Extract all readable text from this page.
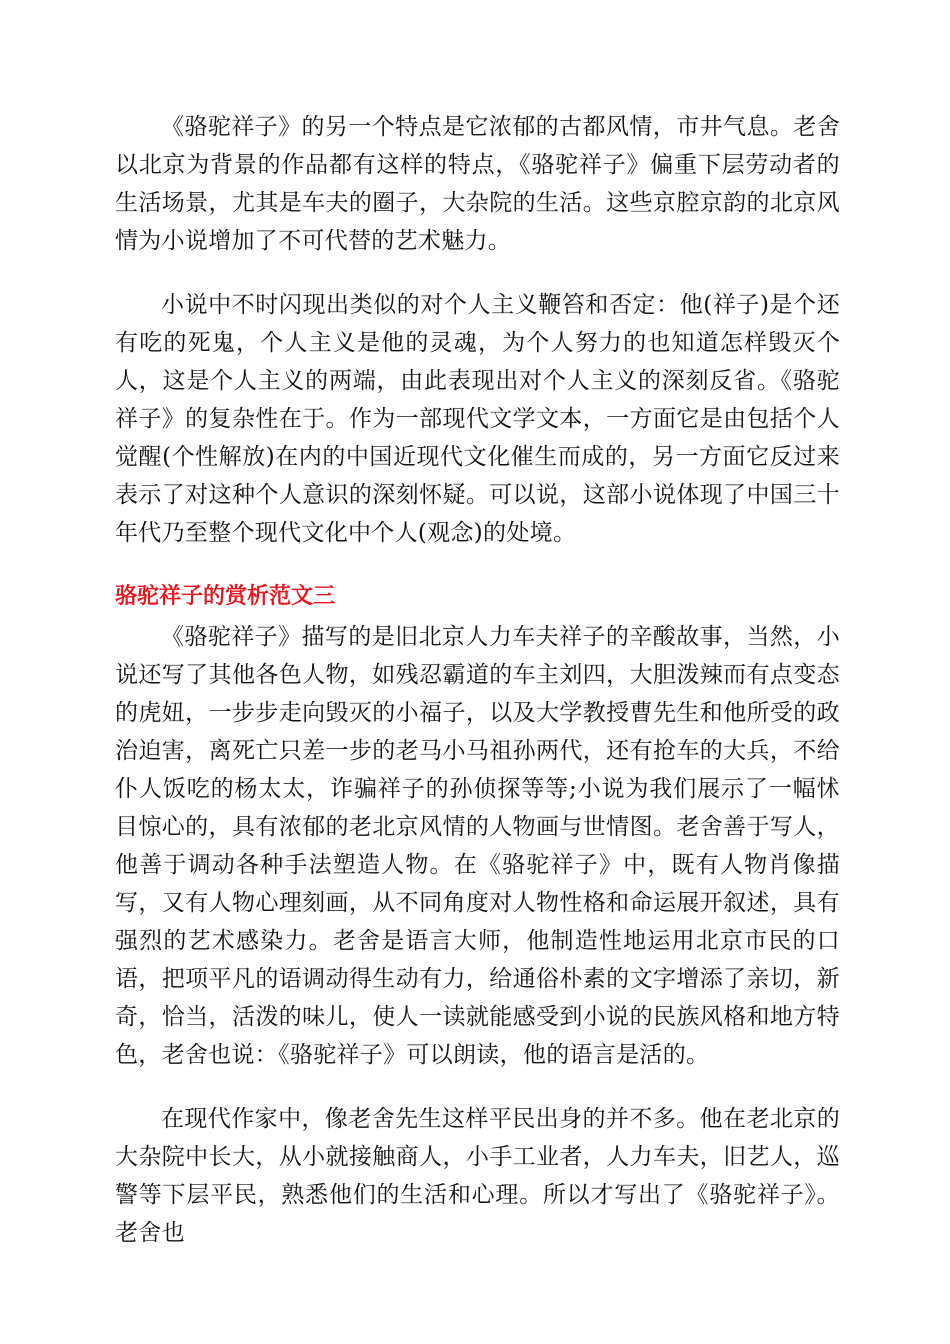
《骆驼祥子》的另一个特点是它浓郁的古都风情，市井气息。老舍以北京为背景的作品都有这样的特点，《骆驼祥子》偏重下层劳动者的生活场景，尤其是车夫的圈子，大杂院的生活。这些京腔京韵的北京风情为小说增加了不可代替的艺术魅力。

小说中不时闪现出类似的对个人主义鞭笞和否定：他(祥子)是个还有吃的死鬼，个人主义是他的灵魂，为个人努力的也知道怎样毁灭个人，这是个人主义的两端，由此表现出对个人主义的深刻反省。《骆驼祥子》的复杂性在于。作为一部现代文学文本，一方面它是由包括个人觉醒(个性解放)在内的中国近现代文化催生而成的，另一方面它反过来表示了对这种个人意识的深刻怀疑。可以说，这部小说体现了中国三十年代乃至整个现代文化中个人(观念)的处境。

骆驼祥子的赏析范文三

《骆驼祥子》描写的是旧北京人力车夫祥子的辛酸故事，当然，小说还写了其他各色人物，如残忍霸道的车主刘四，大胆泼辣而有点变态的虎妞，一步步走向毁灭的小福子，以及大学教授曹先生和他所受的政治迫害，离死亡只差一步的老马小马祖孙两代，还有抢车的大兵，不给仆人饭吃的杨太太，诈骗祥子的孙侦探等等;小说为我们展示了一幅怵目惊心的，具有浓郁的老北京风情的人物画与世情图。老舍善于写人，他善于调动各种手法塑造人物。在《骆驼祥子》中，既有人物肖像描写，又有人物心理刻画，从不同角度对人物性格和命运展开叙述，具有强烈的艺术感染力。老舍是语言大师，他制造性地运用北京市民的口语，把项平凡的语调动得生动有力，给通俗朴素的文字增添了亲切，新奇，恰当，活泼的味儿，使人一读就能感受到小说的民族风格和地方特色，老舍也说：《骆驼祥子》可以朗读，他的语言是活的。

在现代作家中，像老舍先生这样平民出身的并不多。他在老北京的大杂院中长大，从小就接触商人，小手工业者，人力车夫，旧艺人，巡警等下层平民，熟悉他们的生活和心理。所以才写出了《骆驼祥子》。老舍也
